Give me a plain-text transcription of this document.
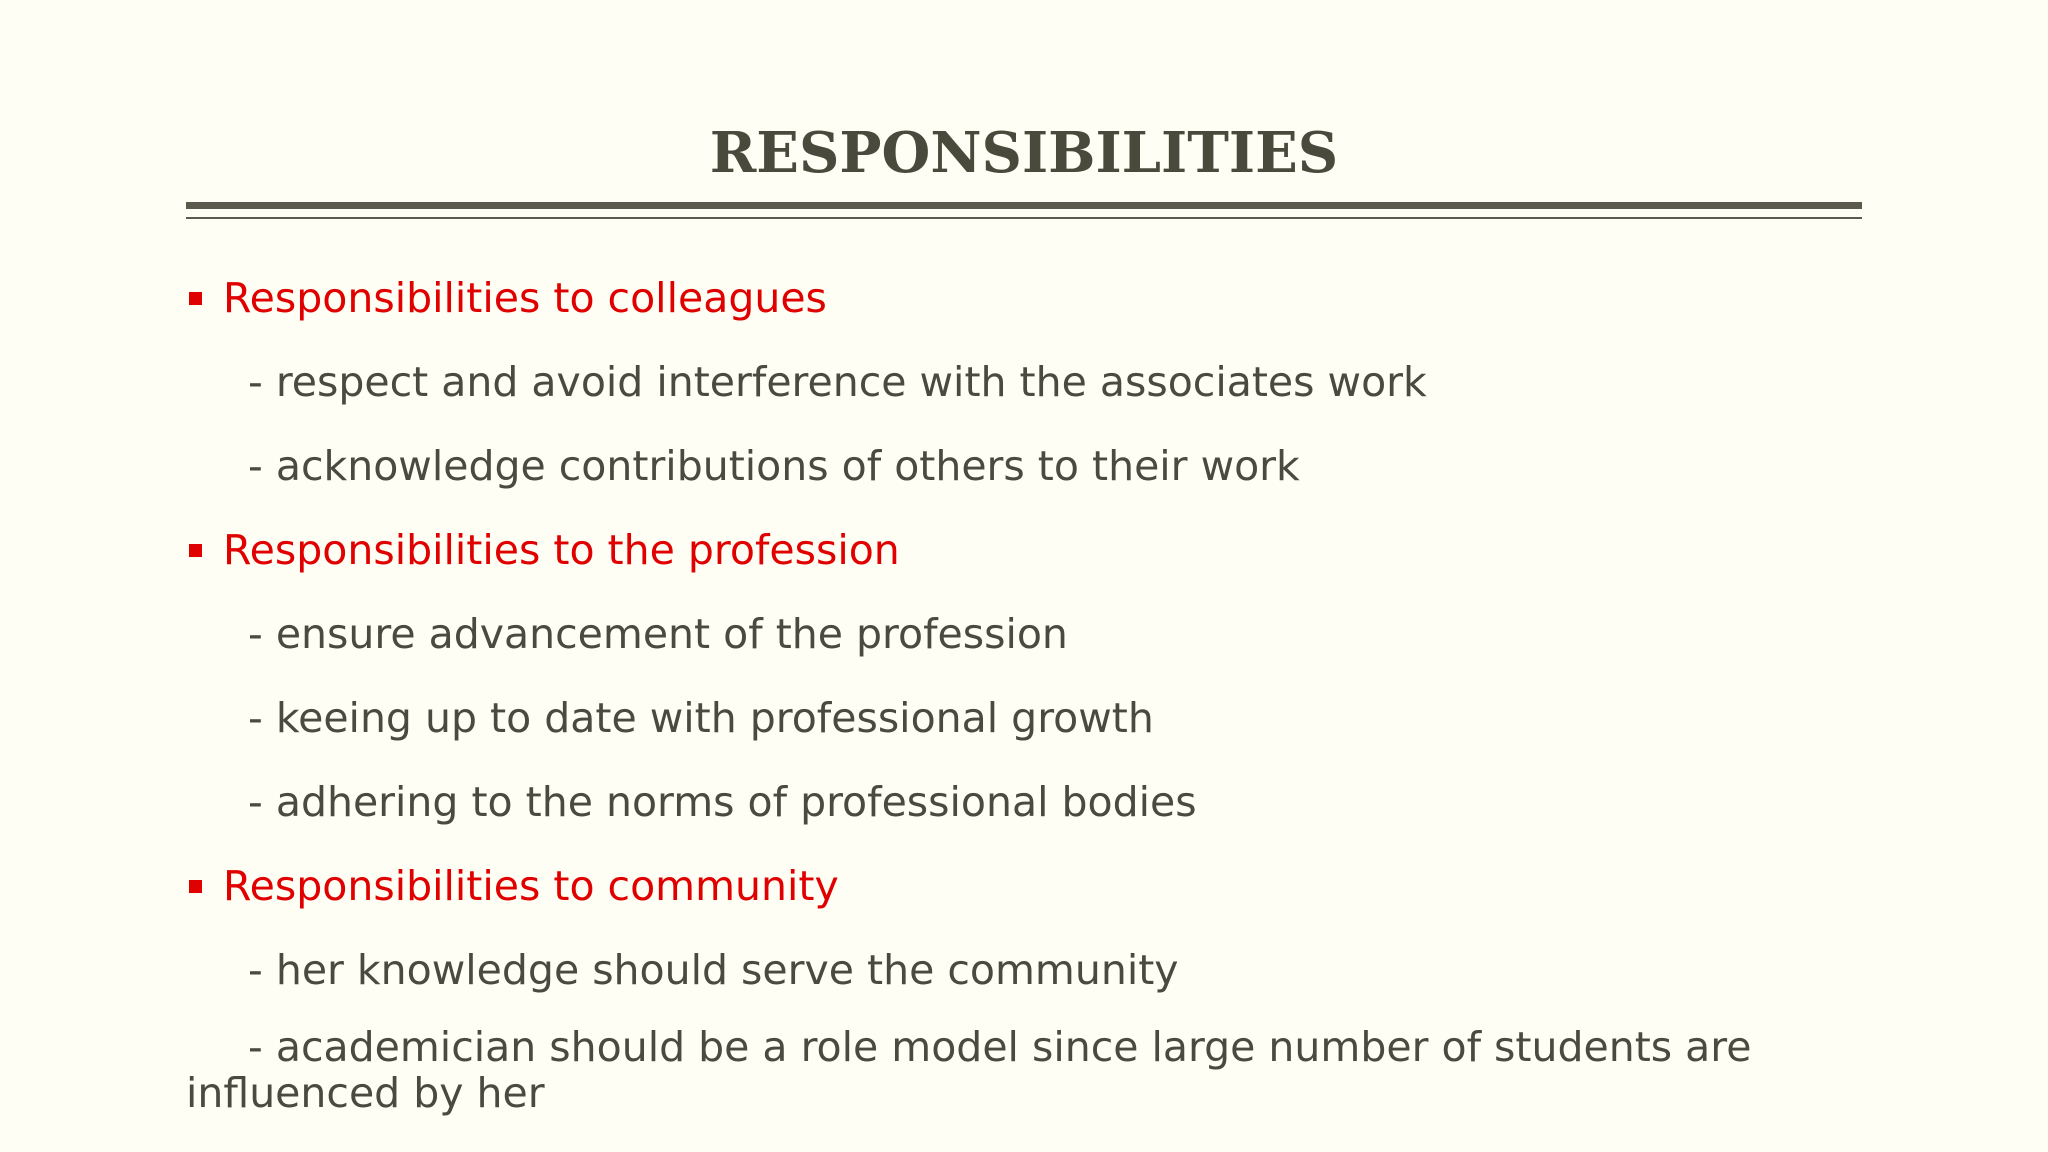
RESPONSIBILITIES
Responsibilities to colleagues
- respect and avoid interference with the associates work
- acknowledge contributions of others to their work
Responsibilities to the profession
- ensure advancement of the profession
- keeing up to date with professional growth
- adhering to the norms of professional bodies
Responsibilities to community
- her knowledge should serve the community
- academician should be a role model since large number of students are influenced by her
